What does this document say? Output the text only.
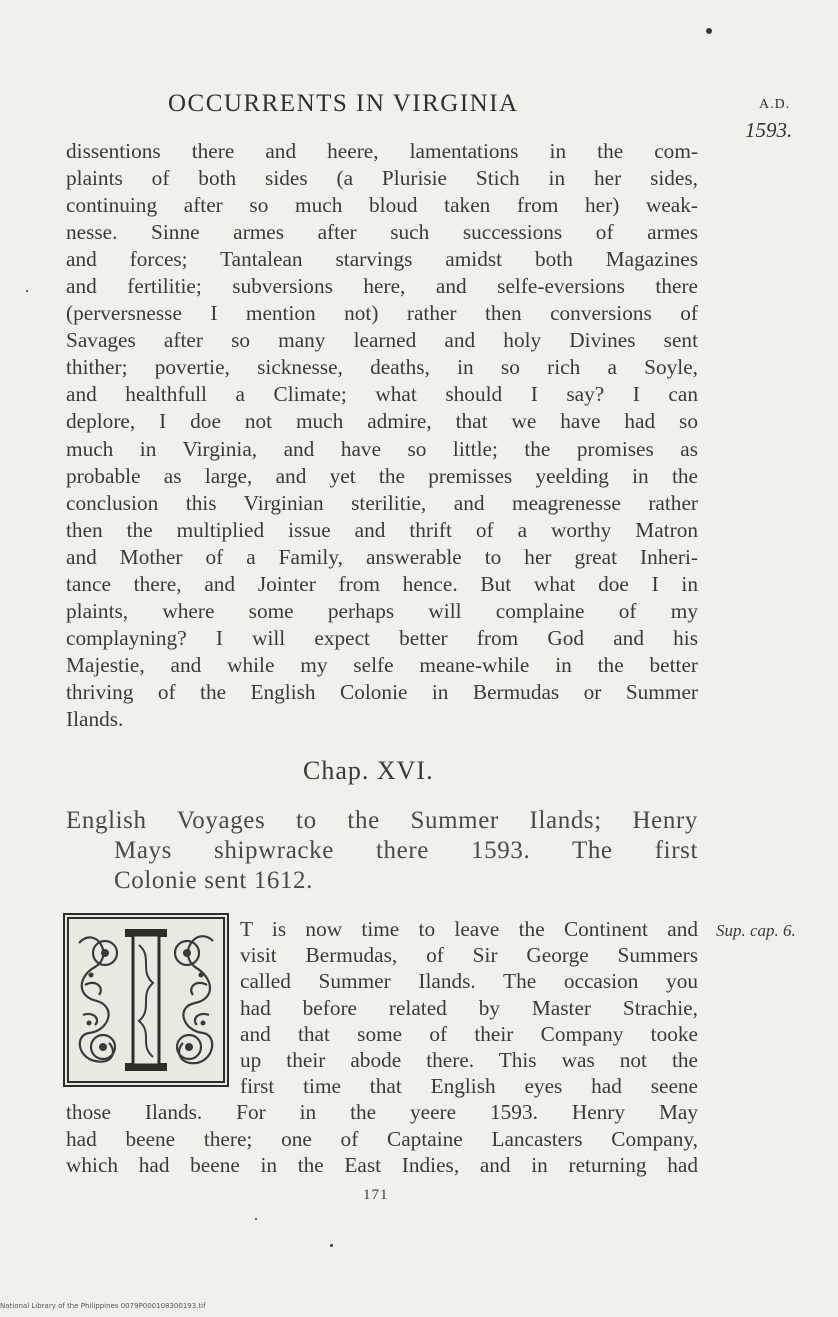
OCCURRENTS IN VIRGINIA	A.D.
1593.
dissentions there and heere, lamentations in the com-
plaints of both sides (a Plurisie Stich in her sides,
continuing after so much bloud taken from her) weak-
nesse. Sinne armes after such successions of armes
and forces; Tantalean starvings amidst both Magazines
and fertilitie; subversions here, and selfe-eversions there
(perversnesse I mention not) rather then conversions of
Savages after so many learned and holy Divines sent
thither; povertie, sicknesse, deaths, in so rich a Soyle,
and healthfull a Climate; what should I say? I can
deplore, I doe not much admire, that we have had so
much in Virginia, and have so little; the promises as
probable as large, and yet the premisses yeelding in the
conclusion this Virginian sterilitie, and meagrenesse rather
then the multiplied issue and thrift of a worthy Matron
and Mother of a Family, answerable to her great Inheri-
tance there, and Jointer from hence. But what doe I in
plaints, where some perhaps will complaine of my
complayning? I will expect better from God and his
Majestie, and while my selfe meane-while in the better
thriving of the English Colonie in Bermudas or Summer
Ilands.
Chap. XVI.
English Voyages to the Summer Ilands; Henry
Mays shipwracke there 1593. The first
Colonie sent 1612.
T is now time to leave the Continent and
visit Bermudas, of Sir George Summers
called Summer Ilands. The occasion you
had before related by Master Strachie,
and that some of their Company tooke
up their abode there. This was not the
first time that English eyes had seene
Sup. cap. 6.
those Ilands. For in the yeere 1593. Henry May
had beene there; one of Captaine Lancasters Company,
which had beene in the East Indies, and in returning had
171
National Library of the Philippines 0079P000108300193.tif
